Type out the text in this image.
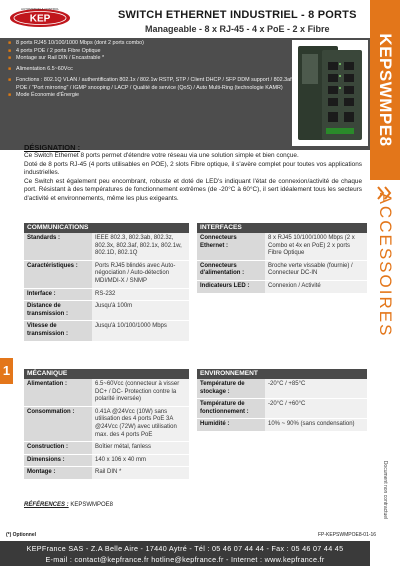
KEP
AUTOMATION & CONTROL	SWITCH ETHERNET INDUSTRIEL - 8 PORTS
Manageable - 8 x RJ-45 - 4 x PoE - 2 x Fibre
■ 8 ports RJ45 10/100/1000 Mbps (dont 2 ports combo)
■ 4 ports POE / 2 ports Fibre Optique
■ Montage sur Rail DIN / Encastrable *
■ Alimentation 6.5~60Vcc
■ Fonctions : 802.1Q VLAN / authentification 802.1x / 802.1w RSTP, STP / Client DHCP / SFP DDM support / 802.3af POE / "Port mirroring" / IGMP snooping / LACP / Qualité de service (QoS) / Auto Multi-Ring (technologie KAMR)
■ Mode Économie d'Énergie	KEPSWMPE8
ACCESSOIRES
Document non contractuel
1
DÉSIGNATION :

Ce Switch Ethernet 8 ports permet d'étendre votre réseau via une solution simple et bien conçue.

Doté de 8 ports RJ-45 (4 ports utilisables en POE), 2 slots Fibre optique, il s'avère complet pour toutes vos applications industrielles.

Ce Switch est également peu encombrant, robuste et doté de LED's indiquant l'état de connexion/activité de chaque port. Résistant à des températures de fonctionnement extrêmes (de -20°C à 60°C), il sert idéalement tous les secteurs d'activité et environnements, même les plus exigeants.

COMMUNICATIONS
Standards :	IEEE 802.3, 802.3ab, 802.3z, 802.3x, 802.3af, 802.1x, 802.1w, 802.1D, 802.1Q
Caractéristiques :	Ports RJ45 blindés avec Auto-négociation / Auto-détection MDI/MDI-X / SNMP
Interface :	RS-232
Distance de transmission :	Jusqu'à 100m
Vitesse de transmission :	Jusqu'à 10/100/1000 Mbps
INTERFACES
Connecteurs Ethernet :	8 x RJ45 10/100/1000 Mbps (2 x Combo et 4x en PoE) 2 x ports Fibre Optique
Connecteurs d'alimentation :	Broche verte vissable (fournie) / Connecteur DC-IN
Indicateurs LED :	Connexion / Activité
MÉCANIQUE
Alimentation :	6.5~60Vcc (connecteur à visser DC+ / DC- Protection contre la polarité inversée)
Consommation :	0.41A @24Vcc (10W) sans utilisation des 4 ports PoE 3A @24Vcc (72W) avec utilisation max. des 4 ports PoE
Construction :	Boîtier métal, fanless
Dimensions :	140 x 106 x 40 mm
Montage :	Rail DIN *
ENVIRONNEMENT
Température de stockage :	-20°C / +85°C
Température de fonctionnement :	-20°C / +60°C
Humidité :	10% ~ 90% (sans condensation)
RÉFÉRENCES : KEPSWMPOE8
(*) Optionnel	FP-KEPSWMPOE8-01-16
KEPFrance SAS - Z.A Belle Aire - 17440 Aytré - Tél : 05 46 07 44 44 - Fax : 05 46 07 44 45
E-mail : contact@kepfrance.fr hotline@kepfrance.fr - Internet : www.kepfrance.fr
